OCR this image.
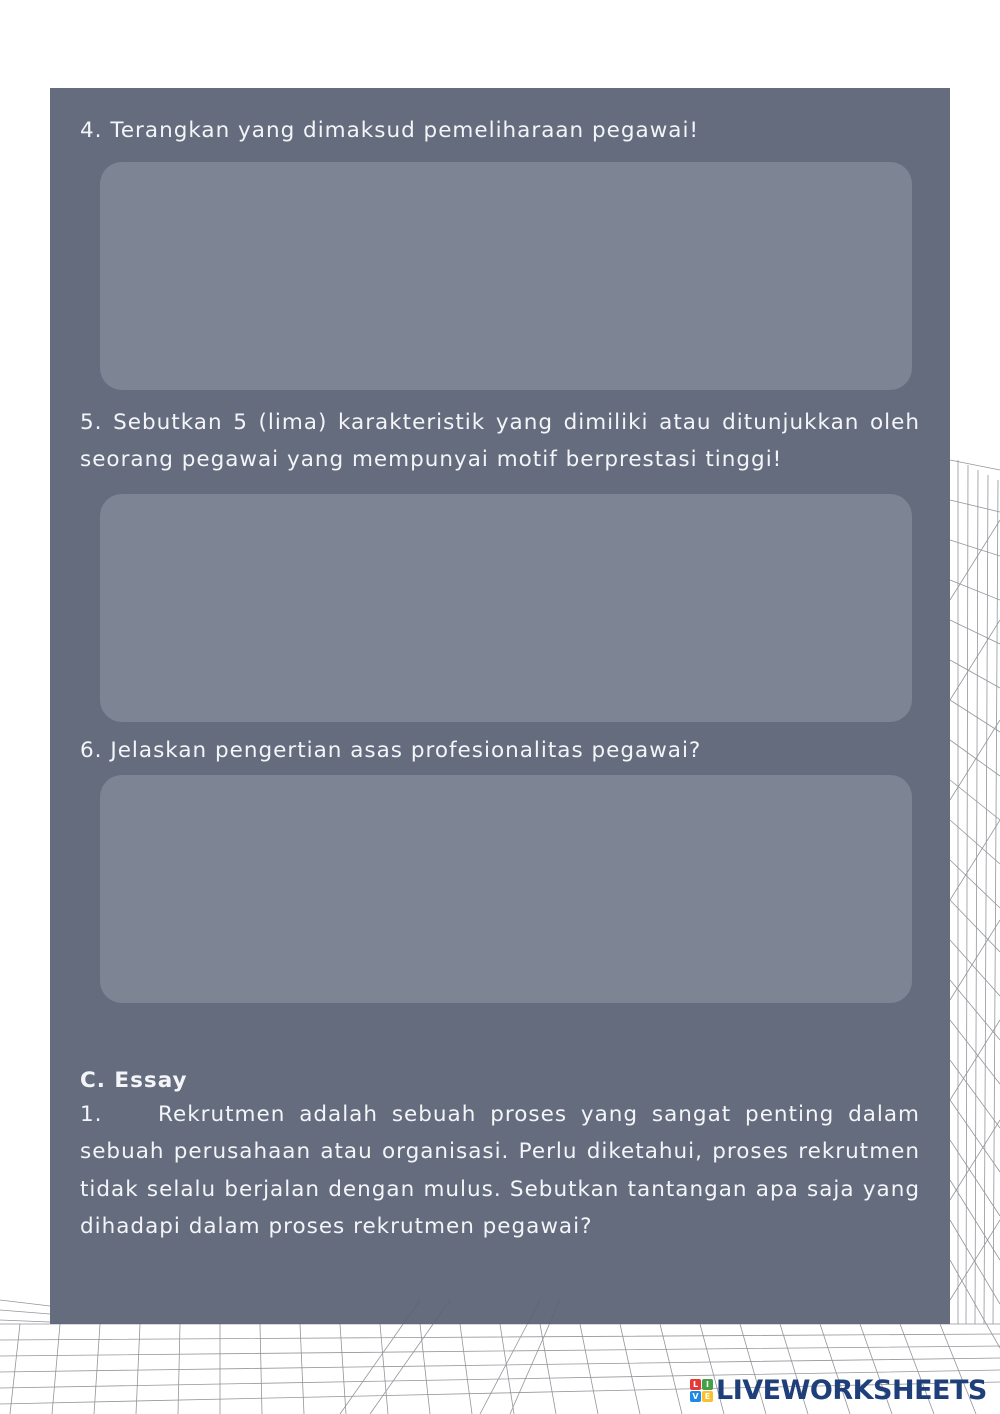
4. Terangkan yang dimaksud pemeliharaan pegawai!

5. Sebutkan 5 (lima) karakteristik yang dimiliki atau ditunjukkan oleh seorang pegawai yang mempunyai motif berprestasi tinggi!

6. Jelaskan pengertian asas profesionalitas pegawai?

C. Essay

1.	Rekrutmen adalah sebuah proses yang sangat penting dalam sebuah perusahaan atau organisasi. Perlu diketahui, proses rekrutmen tidak selalu berjalan dengan mulus. Sebutkan tantangan apa saja yang dihadapi dalam proses rekrutmen pegawai?

L I
V E LIVEWORKSHEETS
